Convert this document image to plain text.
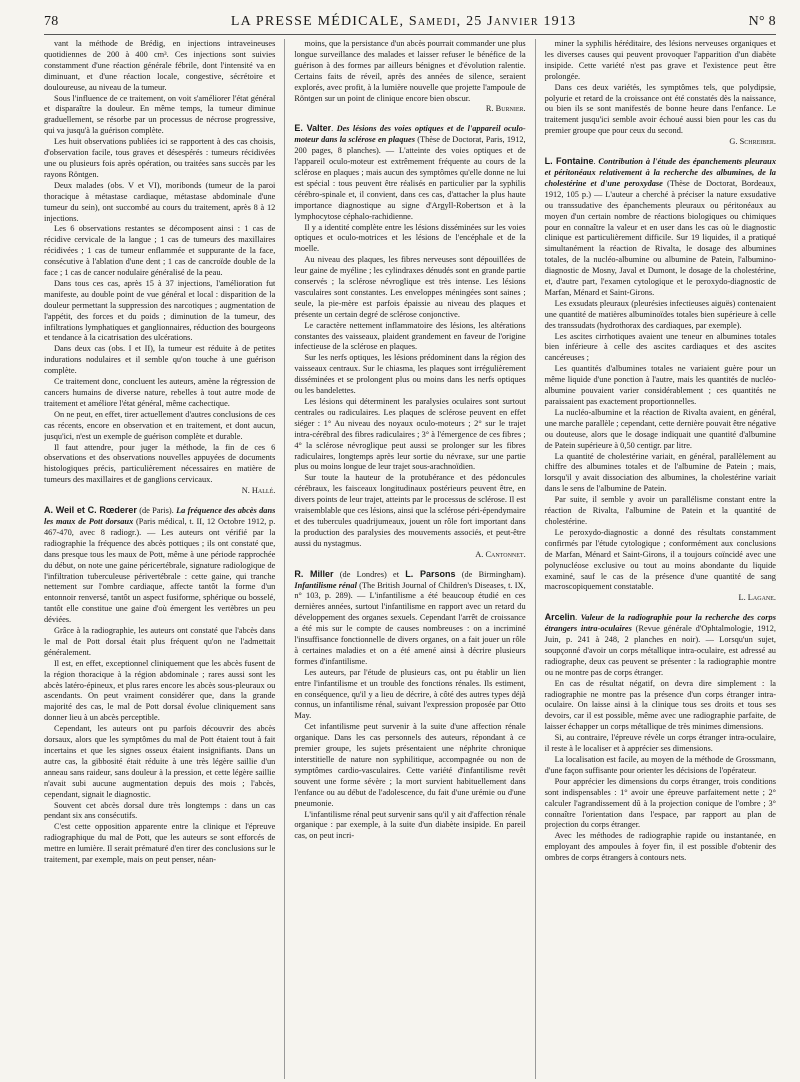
78	LA PRESSE MÉDICALE, Samedi, 25 Janvier 1913	N° 8

vant la méthode de Brédig, en injections intraveineuses quotidiennes de 200 à 400 cm³. Ces injections sont suivies constamment d'une réaction générale fébrile, dont l'intensité va en diminuant, et d'une réaction locale, congestive, sécrétoire et douloureuse, au niveau de la tumeur.

Sous l'influence de ce traitement, on voit s'améliorer l'état général et disparaître la douleur. En même temps, la tumeur diminue graduellement, se résorbe par un processus de nécrose progressive, qui va jusqu'à la guérison complète.

Les huit observations publiées ici se rapportent à des cas choisis, d'observation facile, tous graves et désespérés : tumeurs récidivées une ou plusieurs fois après opération, ou traitées sans succès par les rayons Röntgen.

Deux malades (obs. V et VI), moribonds (tumeur de la paroi thoracique à métastase cardiaque, métastase abdominale d'une tumeur du sein), ont succombé au cours du traitement, après 8 à 12 injections.

Les 6 observations restantes se décomposent ainsi : 1 cas de récidive cervicale de la langue ; 1 cas de tumeurs des maxillaires récidivées ; 1 cas de tumeur enflammée et suppurante de la face, consécutive à l'ablation d'une dent ; 1 cas de cancroïde double de la face ; 1 cas de cancer nodulaire généralisé de la peau.

Dans tous ces cas, après 15 à 37 injections, l'amélioration fut manifeste, au double point de vue général et local : disparition de la douleur permettant la suppression des narcotiques ; augmentation de l'appétit, des forces et du poids ; diminution de la tumeur, des infiltrations lymphatiques et ganglionnaires, réduction des bourgeons et tendance à la cicatrisation des ulcérations.

Dans deux cas (obs. I et II), la tumeur est réduite à de petites indurations nodulaires et il semble qu'on touche à une guérison complète.

Ce traitement donc, concluent les auteurs, amène la régression de cancers humains de diverse nature, rebelles à tout autre mode de traitement et améliore l'état général, même cachectique.

On ne peut, en effet, tirer actuellement d'autres conclusions de ces cas récents, encore en observation et en traitement, et dont aucun, jusqu'ici, n'est un exemple de guérison complète et durable.

Il faut attendre, pour juger la méthode, la fin de ces 6 observations et des observations nouvelles appuyées de documents histologiques précis, particulièrement nécessaires en matière de tumeurs des maxillaires et de ganglions cervicaux.

N. Hallé.

A. Weil et C. Rœderer (de Paris). La fréquence des abcès dans les maux de Pott dorsaux (Paris médical, t. II, 12 Octobre 1912, p. 467-470, avec 8 radiogr.). — Les auteurs ont vérifié par la radiographie la fréquence des abcès pottiques ; ils ont constaté que, dans presque tous les maux de Pott, même à une période rapprochée du début, on note une gaine péricertébrale, signature radiologique de l'infiltration tuberculeuse périvertébrale : cette gaine, qui tranche nettement sur l'ombre cardiaque, affecte tantôt la forme d'un entonnoir renversé, tantôt un aspect fusiforme, sphérique ou bosselé, tantôt elle constitue une gaine d'où émergent les vertèbres un peu déviées.

Grâce à la radiographie, les auteurs ont constaté que l'abcès dans le mal de Pott dorsal était plus fréquent qu'on ne l'admettait généralement.

Il est, en effet, exceptionnel cliniquement que les abcès fusent de la région thoracique à la région abdominale ; rares aussi sont les abcès latéro-épineux, et plus rares encore les abcès sous-pleuraux ou ascendants. On peut vraiment considérer que, dans la grande majorité des cas, le mal de Pott dorsal évolue cliniquement sans donner lieu à un abcès perceptible.

Cependant, les auteurs ont pu parfois découvrir des abcès dorsaux, alors que les symptômes du mal de Pott étaient tout à fait incertains et que les signes osseux étaient insignifiants. Dans un autre cas, la gibbosité était réduite à une très légère saillie d'un anneau sans raideur, sans douleur à la pression, et cette légère saillie n'avait subi aucune augmentation depuis des mois ; l'abcès, cependant, signait le diagnostic.

Souvent cet abcès dorsal dure très longtemps : dans un cas pendant six ans consécutifs.

C'est cette opposition apparente entre la clinique et l'épreuve radiographique du mal de Pott, que les auteurs se sont efforcés de mettre en lumière. Il serait prématuré d'en tirer des conclusions sur le traitement, par exemple, mais on peut penser, néan-

moins, que la persistance d'un abcès pourrait commander une plus longue surveillance des malades et laisser refuser le bénéfice de la guérison à des formes par ailleurs bénignes et d'évolution ralentie. Certains faits de réveil, après des années de silence, seraient explorés, avec profit, à la lumière nouvelle que projette l'ampoule de Röntgen sur un point de clinique encore bien obscur.

R. Burnier.

E. Valter. Des lésions des voies optiques et de l'appareil oculo-moteur dans la sclérose en plaques (Thèse de Doctorat, Paris, 1912, 200 pages, 8 planches). — L'atteinte des voies optiques et de l'appareil oculo-moteur est extrêmement fréquente au cours de la sclérose en plaques ; mais aucun des symptômes qu'elle donne ne lui est spécial : tous peuvent être réalisés en particulier par la syphilis cérébro-spinale et, il convient, dans ces cas, d'attacher la plus haute importance diagnostique au signe d'Argyll-Robertson et à la lymphocytose céphalo-rachidienne.

Il y a identité complète entre les lésions disséminées sur les voies optiques et oculo-motrices et les lésions de l'encéphale et de la moelle.

Au niveau des plaques, les fibres nerveuses sont dépouillées de leur gaine de myéline ; les cylindraxes dénudés sont en grande partie conservés ; la sclérose névroglique est très intense. Les lésions vasculaires sont constantes. Les enveloppes méningées sont saines ; seule, la pie-mère est parfois épaissie au niveau des plaques et présente un certain degré de sclérose conjonctive.

Le caractère nettement inflammatoire des lésions, les altérations constantes des vaisseaux, plaident grandement en faveur de l'origine infectieuse de la sclérose en plaques.

Sur les nerfs optiques, les lésions prédominent dans la région des vaisseaux centraux. Sur le chiasma, les plaques sont irrégulièrement disséminées et se prolongent plus ou moins dans les nerfs optiques ou les bandelettes.

Les lésions qui déterminent les paralysies oculaires sont surtout centrales ou radiculaires. Les plaques de sclérose peuvent en effet siéger : 1° Au niveau des noyaux oculo-moteurs ; 2° sur le trajet intra-cérébral des fibres radiculaires ; 3° à l'émergence de ces fibres ; 4° la sclérose névroglique peut aussi se prolonger sur les fibres radiculaires, longtemps après leur sortie du névraxe, sur une partie plus ou moins longue de leur trajet sous-arachnoïdien.

Sur toute la hauteur de la protubérance et des pédoncules cérébraux, les faisceaux longitudinaux postérieurs peuvent être, en divers points de leur trajet, atteints par le processus de sclérose. Il est vraisemblable que ces lésions, ainsi que la sclérose péri-épendymaire et des tubercules quadrijumeaux, jouent un rôle fort important dans la production des paralysies des mouvements associés, et peut-être aussi du nystagmus.

A. Cantonnet.

R. Miller (de Londres) et L. Parsons (de Birmingham). Infantilisme rénal (The British Journal of Children's Diseases, t. IX, n° 103, p. 289). — L'infantilisme a été beaucoup étudié en ces dernières années, surtout l'infantilisme en rapport avec un retard du développement des organes sexuels. Cependant l'arrêt de croissance a été mis sur le compte de causes nombreuses : on a incriminé l'insuffisance fonctionnelle de divers organes, on a fait jouer un rôle à certaines maladies et on a été amené ainsi à décrire plusieurs formes d'infantilisme.

Les auteurs, par l'étude de plusieurs cas, ont pu établir un lien entre l'infantilisme et un trouble des fonctions rénales. Ils estiment, en conséquence, qu'il y a lieu de décrire, à côté des autres types déjà connus, un infantilisme rénal, suivant l'expression proposée par Otto May.

Cet infantilisme peut survenir à la suite d'une affection rénale organique. Dans les cas personnels des auteurs, répondant à ce premier groupe, les sujets présentaient une néphrite chronique interstitielle de nature non syphilitique, accompagnée ou non de symptômes cardio-vasculaires. Cette variété d'infantilisme revêt souvent une forme sévère ; la mort survient habituellement dans l'enfance ou au début de l'adolescence, du fait d'une urémie ou d'une pneumonie.

L'infantilisme rénal peut survenir sans qu'il y ait d'affection rénale organique : par exemple, à la suite d'un diabète insipide. En pareil cas, on peut incri-

miner la syphilis héréditaire, des lésions nerveuses organiques et les diverses causes qui peuvent provoquer l'apparition d'un diabète insipide. Cette variété n'est pas grave et l'existence peut être prolongée.

Dans ces deux variétés, les symptômes tels, que polydipsie, polyurie et retard de la croissance ont été constatés dès la naissance, ou bien ils se sont manifestés de bonne heure dans l'enfance. Le traitement jusqu'ici semble avoir échoué aussi bien pour les cas du premier groupe que pour ceux du second.

G. Schreiber.

L. Fontaine. Contribution à l'étude des épanchements pleuraux et péritonéaux relativement à la recherche des albumines, de la cholestérine et d'une peroxydase (Thèse de Doctorat, Bordeaux, 1912, 105 p.) — L'auteur a cherché à préciser la nature exsudative ou transsudative des épanchements pleuraux ou péritonéaux au moyen d'un certain nombre de réactions biologiques ou chimiques pour en connaître la valeur et en user dans les cas où le diagnostic clinique est particulièrement difficile. Sur 19 liquides, il a pratiqué simultanément la réaction de Rivalta, le dosage des albumines totales, de la nucléo-albumine ou albumine de Patein, l'albumino-diagnostic de Mosny, Javal et Dumont, le dosage de la cholestérine, et, d'autre part, l'examen cytologique et le peroxydo-diagnostic de Marfan, Ménard et Saint-Girons.

Les exsudats pleuraux (pleurésies infectieuses aiguës) contenaient une quantité de matières albuminoïdes totales bien supérieure à celle des transsudats (hydrothorax des cardiaques, par exemple).

Les ascites cirrhotiques avaient une teneur en albumines totales bien inférieure à celle des ascites cardiaques et des ascites cancéreuses ;

Les quantités d'albumines totales ne variaient guère pour un même liquide d'une ponction à l'autre, mais les quantités de nucléo-albumine pouvaient varier considérablement ; ces quantités ne paraissaient pas exactement proportionnelles.

La nucléo-albumine et la réaction de Rivalta avaient, en général, une marche parallèle ; cependant, cette dernière pouvait être négative ou douteuse, alors que le dosage indiquait une quantité d'albumine de Patein supérieure à 0,50 centigr. par litre.

La quantité de cholestérine variait, en général, parallèlement au chiffre des albumines totales et de l'albumine de Patein ; mais, lorsqu'il y avait dissociation des albumines, la cholestérine variait dans le sens de l'albumine de Patein.

Par suite, il semble y avoir un parallélisme constant entre la réaction de Rivalta, l'albumine de Patein et la quantité de cholestérine.

Le peroxydo-diagnostic a donné des résultats constamment confirmés par l'étude cytologique ; conformément aux conclusions de Marfan, Ménard et Saint-Girons, il a toujours coïncidé avec une polynucléose exclusive ou tout au moins abondante du liquide examiné, sauf le cas de la présence d'une quantité de sang macroscopiquement constatable.

L. Lagane.

Arcelin. Valeur de la radiographie pour la recherche des corps étrangers intra-oculaires (Revue générale d'Ophtalmologie, 1912, Juin, p. 241 à 248, 2 planches en noir). — Lorsqu'un sujet, soupçonné d'avoir un corps métallique intra-oculaire, est adressé au radiographe, deux cas peuvent se présenter : la radiographie montre ou ne montre pas de corps étranger.

En cas de résultat négatif, on devra dire simplement : la radiographie ne montre pas la présence d'un corps étranger intra-oculaire. On laisse ainsi à la clinique tous ses droits et tous ses devoirs, car il est possible, même avec une radiographie parfaite, de laisser échapper un corps métallique de très minimes dimensions.

Si, au contraire, l'épreuve révèle un corps étranger intra-oculaire, il reste à le localiser et à apprécier ses dimensions.

La localisation est facile, au moyen de la méthode de Grossmann, d'une façon suffisante pour orienter les décisions de l'opérateur.

Pour apprécier les dimensions du corps étranger, trois conditions sont indispensables : 1° avoir une épreuve parfaitement nette ; 2° calculer l'agrandissement dû à la projection conique de l'ombre ; 3° connaître l'orientation dans l'espace, par rapport au plan de projection du corps étranger.

Avec les méthodes de radiographie rapide ou instantanée, en employant des ampoules à foyer fin, il est possible d'obtenir des ombres de corps étrangers à contours nets.
